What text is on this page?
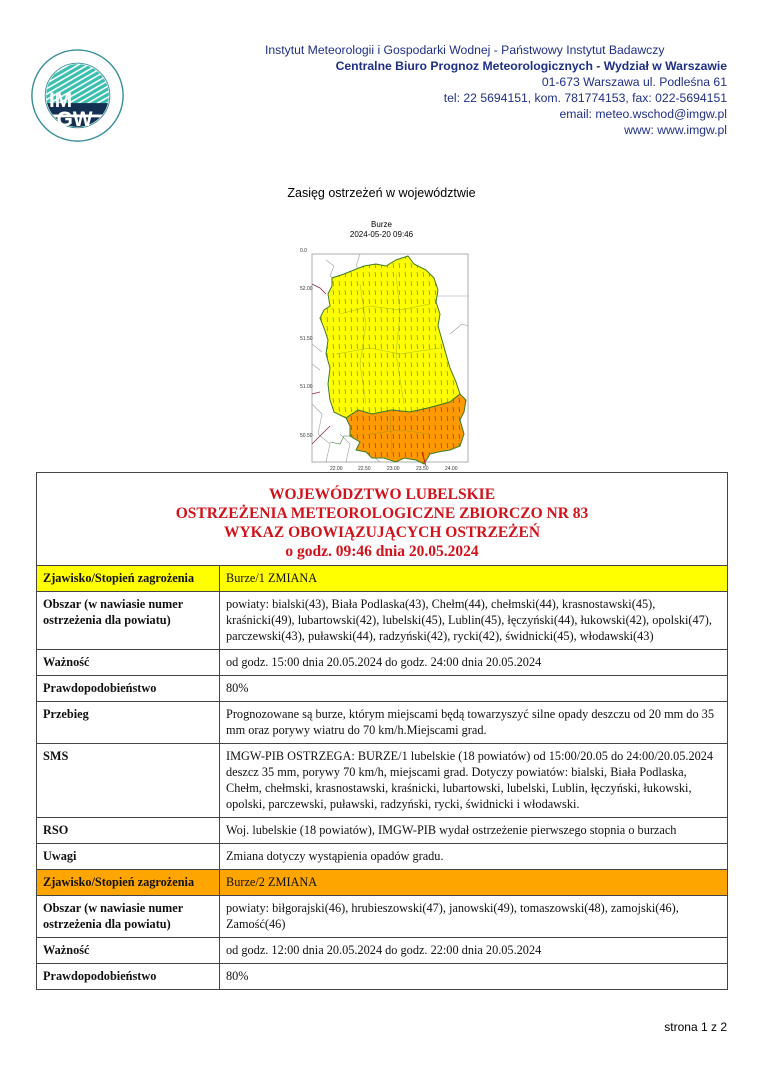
IM
GW
Instytut Meteorologii i Gospodarki Wodnej - Państwowy Instytut Badawczy
Centralne Biuro Prognoz Meteorologicznych - Wydział w Warszawie
01-673 Warszawa ul. Podleśna 61
tel: 22 5694151, kom. 781774153, fax: 022-5694151
email: meteo.wschod@imgw.pl
www: www.imgw.pl
Zasięg ostrzeżeń w województwie
Burze
2024-05-20 09:46
0.0
52.00
51.50
51.00
50.50
22.00	22.50	23.00	23.50	24.00
WOJEWÓDZTWO LUBELSKIE
OSTRZEŻENIA METEOROLOGICZNE ZBIORCZO NR 83
WYKAZ OBOWIĄZUJĄCYCH OSTRZEŻEŃ
o godz. 09:46 dnia 20.05.2024	

Zjawisko/Stopień zagrożenia	Burze/1 ZMIANA
Obszar (w nawiasie numer ostrzeżenia dla powiatu)	powiaty: bialski(43), Biała Podlaska(43), Chełm(44), chełmski(44), krasnostawski(45), kraśnicki(49), lubartowski(42), lubelski(45), Lublin(45), łęczyński(44), łukowski(42), opolski(47), parczewski(43), puławski(44), radzyński(42), rycki(42), świdnicki(45), włodawski(43)
Ważność	od godz. 15:00 dnia 20.05.2024 do godz. 24:00 dnia 20.05.2024
Prawdopodobieństwo	80%
Przebieg	Prognozowane są burze, którym miejscami będą towarzyszyć silne opady deszczu od 20 mm do 35 mm oraz porywy wiatru do 70 km/h.Miejscami grad.
SMS	IMGW-PIB OSTRZEGA: BURZE/1 lubelskie (18 powiatów) od 15:00/20.05 do 24:00/20.05.2024 deszcz 35 mm, porywy 70 km/h, miejscami grad. Dotyczy powiatów: bialski, Biała Podlaska, Chełm, chełmski, krasnostawski, kraśnicki, lubartowski, lubelski, Lublin, łęczyński, łukowski, opolski, parczewski, puławski, radzyński, rycki, świdnicki i włodawski.
RSO	Woj. lubelskie (18 powiatów), IMGW-PIB wydał ostrzeżenie pierwszego stopnia o burzach
Uwagi	Zmiana dotyczy wystąpienia opadów gradu.
Zjawisko/Stopień zagrożenia	Burze/2 ZMIANA
Obszar (w nawiasie numer ostrzeżenia dla powiatu)	powiaty: biłgorajski(46), hrubieszowski(47), janowski(49), tomaszowski(48), zamojski(46), Zamość(46)
Ważność	od godz. 12:00 dnia 20.05.2024 do godz. 22:00 dnia 20.05.2024
Prawdopodobieństwo	80%
strona 1 z 2
